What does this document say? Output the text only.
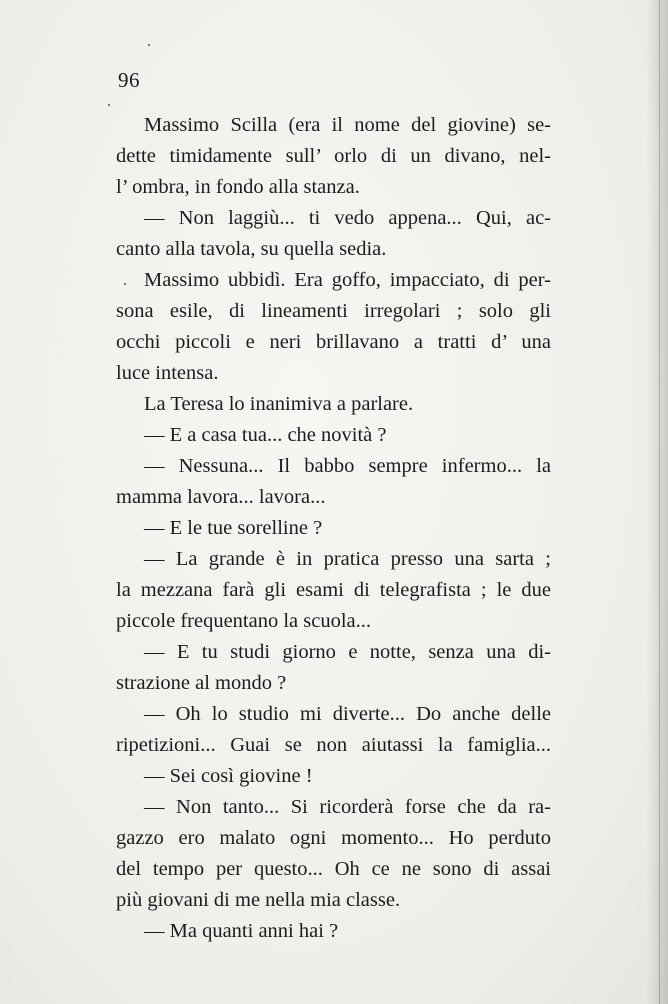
96
Massimo Scilla (era il nome del giovine) se-
dette timidamente sull’ orlo di un divano, nel-
l’ ombra, in fondo alla stanza.
— Non laggiù... ti vedo appena... Qui, ac-
canto alla tavola, su quella sedia.
Massimo ubbidì. Era goffo, impacciato, di per-
sona esile, di lineamenti irregolari ; solo gli
occhi piccoli e neri brillavano a tratti d’ una
luce intensa.
La Teresa lo inanimiva a parlare.
— E a casa tua... che novità ?
— Nessuna... Il babbo sempre infermo... la
mamma lavora... lavora...
— E le tue sorelline ?
— La grande è in pratica presso una sarta ;
la mezzana farà gli esami di telegrafista ; le due
piccole frequentano la scuola...
— E tu studi giorno e notte, senza una di-
strazione al mondo ?
— Oh lo studio mi diverte... Do anche delle
ripetizioni... Guai se non aiutassi la famiglia...
— Sei così giovine !
— Non tanto... Si ricorderà forse che da ra-
gazzo ero malato ogni momento... Ho perduto
del tempo per questo... Oh ce ne sono di assai
più giovani di me nella mia classe.
— Ma quanti anni hai ?
